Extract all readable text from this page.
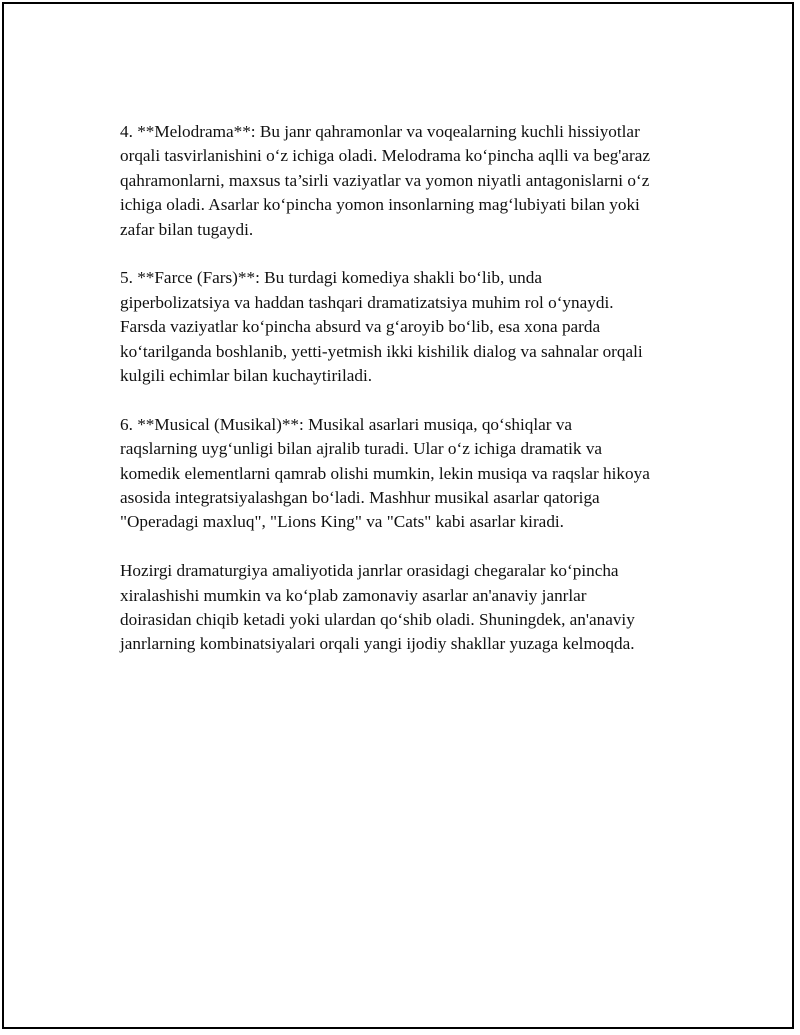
4. **Melodrama**: Bu janr qahramonlar va voqealarning kuchli hissiyotlar
orqali tasvirlanishini o‘z ichiga oladi. Melodrama ko‘pincha aqlli va beg'araz
qahramonlarni, maxsus ta’sirli vaziyatlar va yomon niyatli antagonislarni o‘z
ichiga oladi. Asarlar ko‘pincha yomon insonlarning mag‘lubiyati bilan yoki
zafar bilan tugaydi.

5. **Farce (Fars)**: Bu turdagi komediya shakli bo‘lib, unda
giperbolizatsiya va haddan tashqari dramatizatsiya muhim rol o‘ynaydi.
Farsda vaziyatlar ko‘pincha absurd va g‘aroyib bo‘lib, esa xona parda
ko‘tarilganda boshlanib, yetti-yetmish ikki kishilik dialog va sahnalar orqali
kulgili echimlar bilan kuchaytiriladi.

6. **Musical (Musikal)**: Musikal asarlari musiqa, qo‘shiqlar va
raqslarning uyg‘unligi bilan ajralib turadi. Ular o‘z ichiga dramatik va
komedik elementlarni qamrab olishi mumkin, lekin musiqa va raqslar hikoya
asosida integratsiyalashgan bo‘ladi. Mashhur musikal asarlar qatoriga
"Operadagi maxluq", "Lions King" va "Cats" kabi asarlar kiradi.

Hozirgi dramaturgiya amaliyotida janrlar orasidagi chegaralar ko‘pincha
xiralashishi mumkin va ko‘plab zamonaviy asarlar an'anaviy janrlar
doirasidan chiqib ketadi yoki ulardan qo‘shib oladi. Shuningdek, an'anaviy
janrlarning kombinatsiyalari orqali yangi ijodiy shakllar yuzaga kelmoqda.
